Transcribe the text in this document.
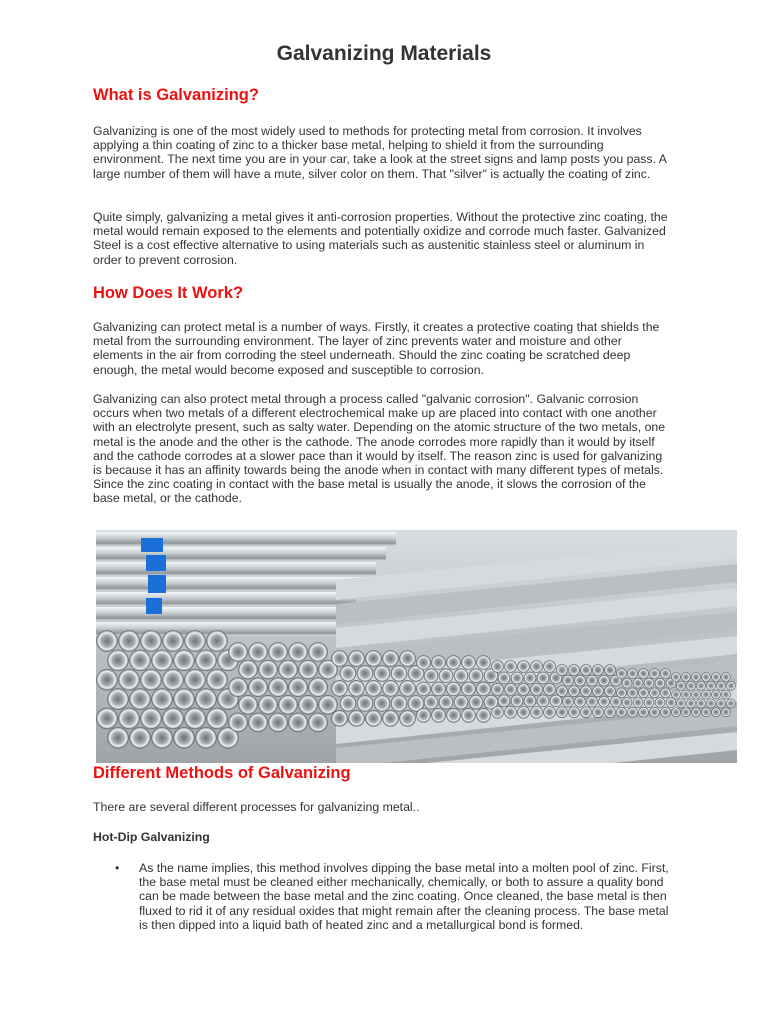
Galvanizing Materials
What is Galvanizing?

Galvanizing is one of the most widely used to methods for protecting metal from corrosion. It involves applying a thin coating of zinc to a thicker base metal, helping to shield it from the surrounding environment. The next time you are in your car, take a look at the street signs and lamp posts you pass. A large number of them will have a mute, silver color on them. That "silver" is actually the coating of zinc.

Quite simply, galvanizing a metal gives it anti-corrosion properties. Without the protective zinc coating, the metal would remain exposed to the elements and potentially oxidize and corrode much faster. Galvanized Steel is a cost effective alternative to using materials such as austenitic stainless steel or aluminum in order to prevent corrosion.

How Does It Work?

Galvanizing can protect metal is a number of ways. Firstly, it creates a protective coating that shields the metal from the surrounding environment. The layer of zinc prevents water and moisture and other elements in the air from corroding the steel underneath. Should the zinc coating be scratched deep enough, the metal would become exposed and susceptible to corrosion.

Galvanizing can also protect metal through a process called "galvanic corrosion". Galvanic corrosion occurs when two metals of a different electrochemical make up are placed into contact with one another with an electrolyte present, such as salty water. Depending on the atomic structure of the two metals, one metal is the anode and the other is the cathode. The anode corrodes more rapidly than it would by itself and the cathode corrodes at a slower pace than it would by itself. The reason zinc is used for galvanizing is because it has an affinity towards being the anode when in contact with many different types of metals. Since the zinc coating in contact with the base metal is usually the anode, it slows the corrosion of the base metal, or the cathode.

Different Methods of Galvanizing

There are several different processes for galvanizing metal..

Hot-Dip Galvanizing

• As the name implies, this method involves dipping the base metal into a molten pool of zinc. First, the base metal must be cleaned either mechanically, chemically, or both to assure a quality bond can be made between the base metal and the zinc coating. Once cleaned, the base metal is then fluxed to rid it of any residual oxides that might remain after the cleaning process. The base metal is then dipped into a liquid bath of heated zinc and a metallurgical bond is formed.
